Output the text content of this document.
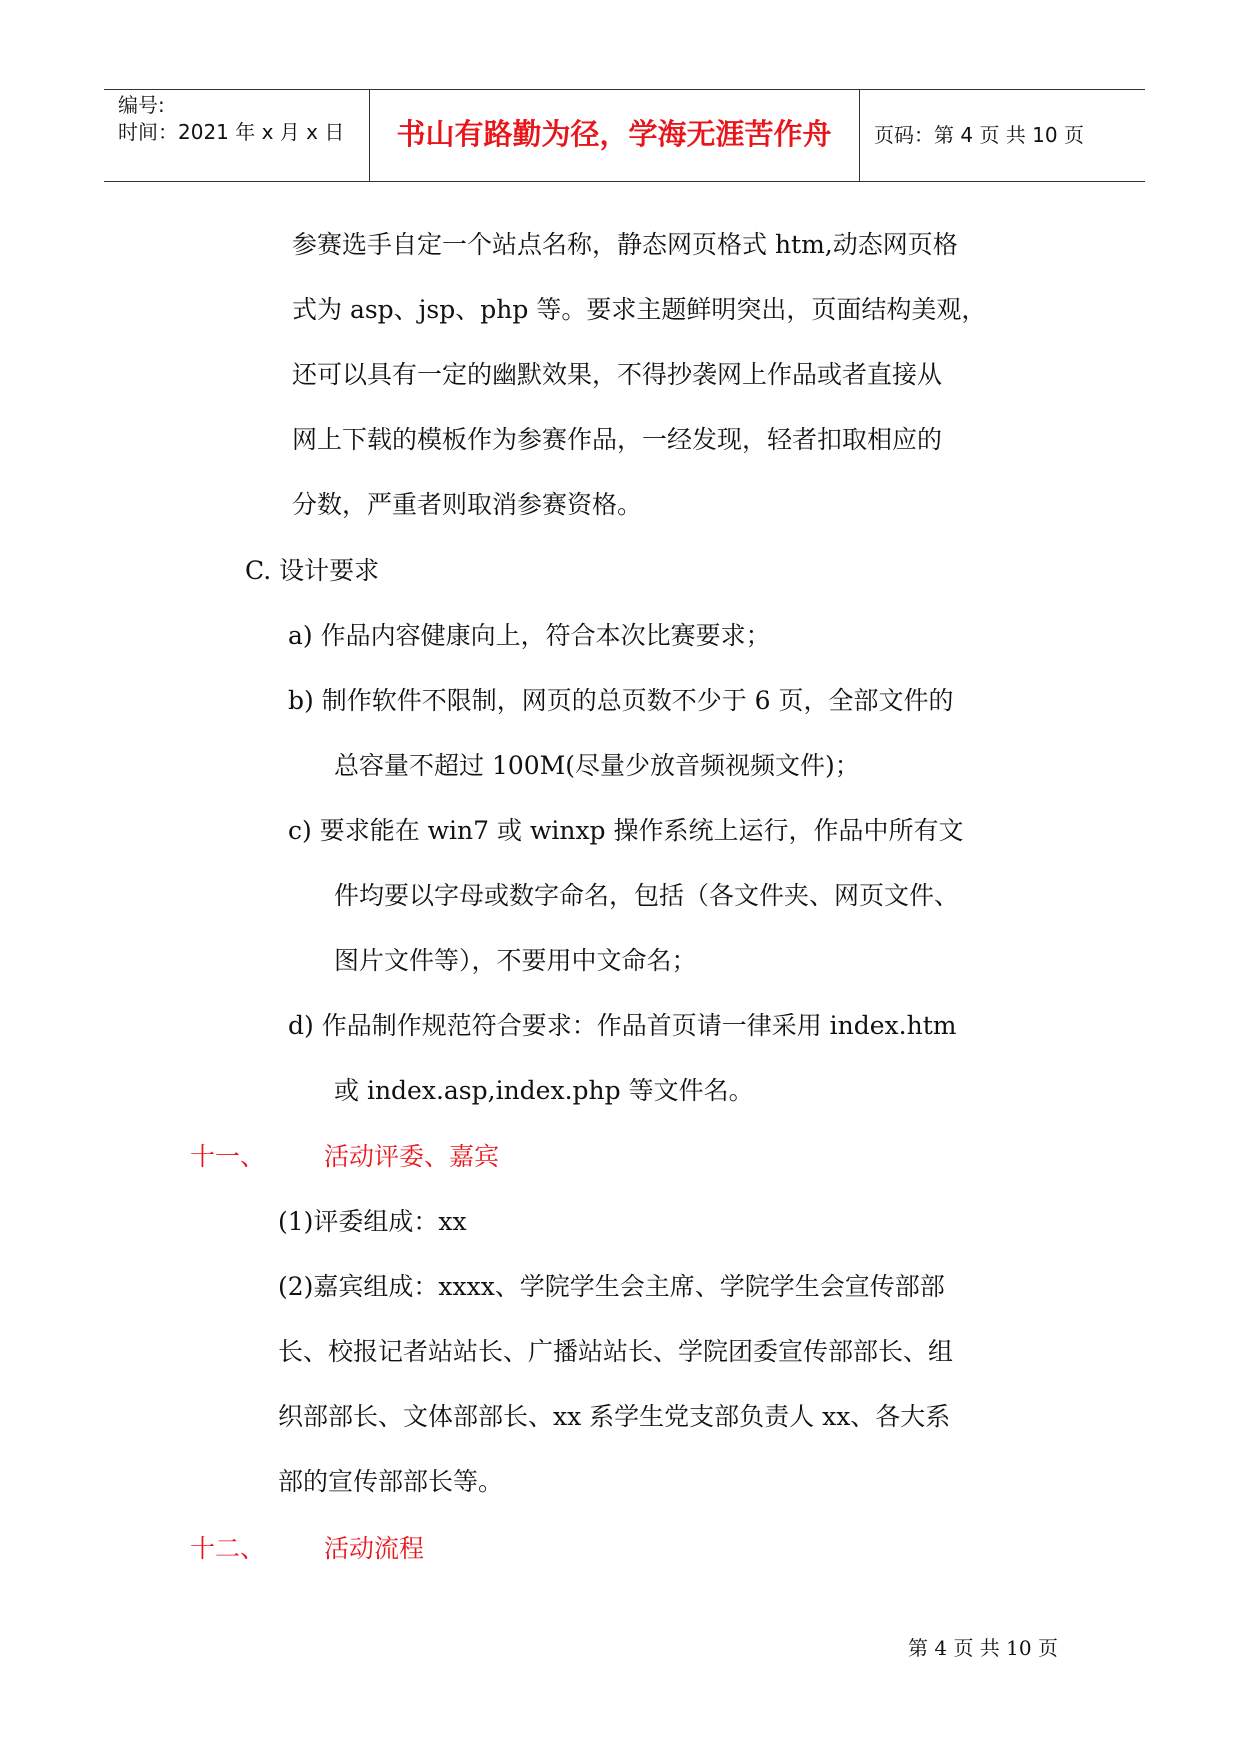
编号:
时间：2021 年 x 月 x 日	书山有路勤为径，学海无涯苦作舟	页码：第 4 页 共 10 页
参赛选手自定一个站点名称，静态网页格式 htm,动态网页格
式为 asp、jsp、php 等。要求主题鲜明突出，页面结构美观，
还可以具有一定的幽默效果，不得抄袭网上作品或者直接从
网上下载的模板作为参赛作品，一经发现，轻者扣取相应的
分数，严重者则取消参赛资格。
C. 设计要求
a) 作品内容健康向上，符合本次比赛要求；
b) 制作软件不限制，网页的总页数不少于 6 页，全部文件的
总容量不超过 100M(尽量少放音频视频文件)；
c) 要求能在 win7 或 winxp 操作系统上运行，作品中所有文
件均要以字母或数字命名，包括（各文件夹、网页文件、
图片文件等），不要用中文命名；
d) 作品制作规范符合要求：作品首页请一律采用 index.htm
或 index.asp,index.php 等文件名。
十一、 活动评委、嘉宾
(1)评委组成：xx
(2)嘉宾组成：xxxx、学院学生会主席、学院学生会宣传部部
长、校报记者站站长、广播站站长、学院团委宣传部部长、组
织部部长、文体部部长、xx 系学生党支部负责人 xx、各大系
部的宣传部部长等。
十二、 活动流程
第 4 页 共 10 页
